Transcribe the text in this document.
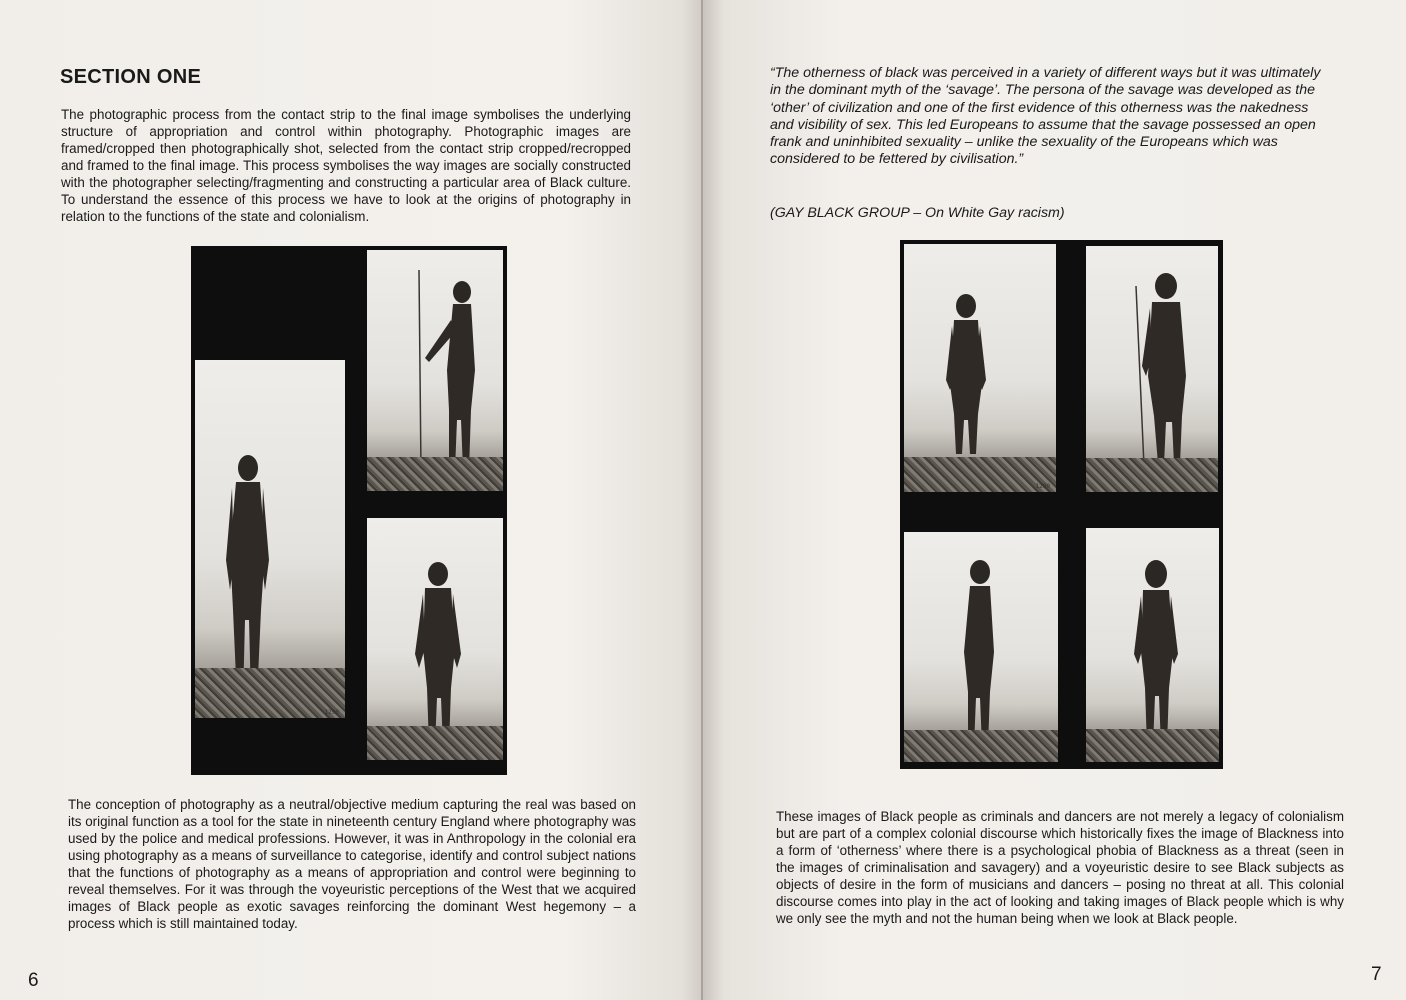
SECTION ONE

The photographic process from the contact strip to the final image symbolises the underlying structure of appropriation and control within photography. Photographic images are framed/cropped then photographically shot, selected from the contact strip cropped/recropped and framed to the final image. This process symbolises the way images are socially constructed with the photographer selecting/fragmenting and constructing a particular area of Black culture. To understand the essence of this process we have to look at the origins of photography in relation to the functions of the state and colonialism.

1290

The conception of photography as a neutral/objective medium capturing the real was based on its original function as a tool for the state in nineteenth century England where photography was used by the police and medical professions. However, it was in Anthropology in the colonial era using photography as a means of surveillance to categorise, identify and control subject nations that the functions of photography as a means of appropriation and control were beginning to reveal themselves. For it was through the voyeuristic perceptions of the West that we acquired images of Black people as exotic savages reinforcing the dominant West hegemony – a process which is still maintained today.

6

“The otherness of black was perceived in a variety of different ways but it was ultimately in the dominant myth of the ‘savage’. The persona of the savage was developed as the ‘other’ of civilization and one of the first evidence of this otherness was the nakedness and visibility of sex. This led Europeans to assume that the savage possessed an open frank and uninhibited sexuality – unlike the sexuality of the Europeans which was considered to be fettered by civilisation.”

(GAY BLACK GROUP – On White Gay racism)

1290

These images of Black people as criminals and dancers are not merely a legacy of colonialism but are part of a complex colonial discourse which historically fixes the image of Blackness into a form of ‘otherness’ where there is a psychological phobia of Blackness as a threat (seen in the images of criminalisation and savagery) and a voyeuristic desire to see Black subjects as objects of desire in the form of musicians and dancers – posing no threat at all. This colonial discourse comes into play in the act of looking and taking images of Black people which is why we only see the myth and not the human being when we look at Black people.

7
